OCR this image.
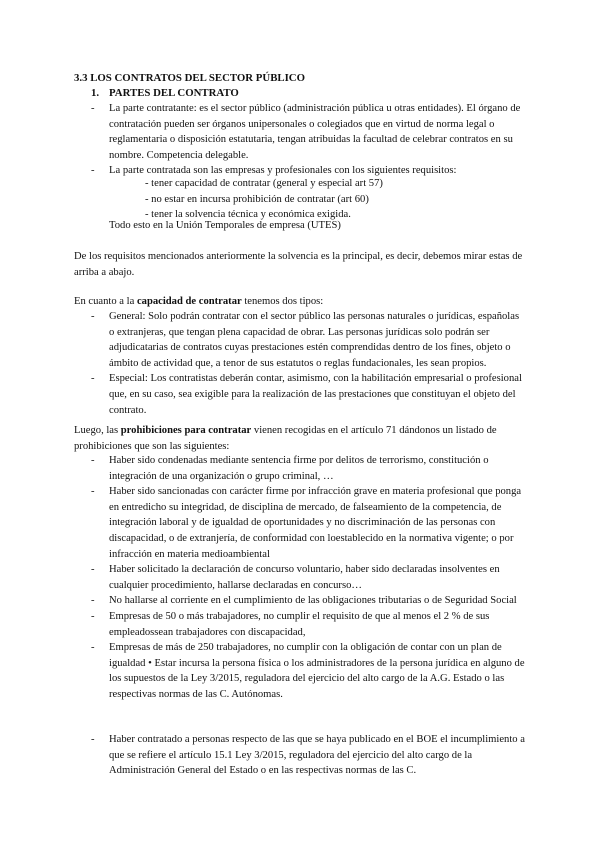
3.3 LOS CONTRATOS DEL SECTOR PÚBLICO
1. PARTES DEL CONTRATO
- La parte contratante: es el sector público (administración pública u otras entidades). El órgano de contratación pueden ser órganos unipersonales o colegiados que en virtud de norma legal o reglamentaria o disposición estatutaria, tengan atribuidas la facultad de celebrar contratos en su nombre. Competencia delegable.
- La parte contratada son las empresas y profesionales con los siguientes requisitos:
- tener capacidad de contratar (general y especial art 57)
- no estar en incursa prohibición de contratar (art 60)
- tener la solvencia técnica y económica exigida.
Todo esto en la Unión Temporales de empresa (UTES)

De los requisitos mencionados anteriormente la solvencia es la principal, es decir, debemos mirar estas de arriba a abajo.

En cuanto a la capacidad de contratar tenemos dos tipos:

- General: Solo podrán contratar con el sector público las personas naturales o jurídicas, españolas o extranjeras, que tengan plena capacidad de obrar. Las personas jurídicas solo podrán ser adjudicatarias de contratos cuyas prestaciones estén comprendidas dentro de los fines, objeto o ámbito de actividad que, a tenor de sus estatutos o reglas fundacionales, les sean propios.
- Especial: Los contratistas deberán contar, asimismo, con la habilitación empresarial o profesional que, en su caso, sea exigible para la realización de las prestaciones que constituyan el objeto del contrato.

Luego, las prohibiciones para contratar vienen recogidas en el artículo 71 dándonos un listado de prohibiciones que son las siguientes:

- Haber sido condenadas mediante sentencia firme por delitos de terrorismo, constitución o integración de una organización o grupo criminal, …
- Haber sido sancionadas con carácter firme por infracción grave en materia profesional que ponga en entredicho su integridad, de disciplina de mercado, de falseamiento de la competencia, de integración laboral y de igualdad de oportunidades y no discriminación de las personas con discapacidad, o de extranjería, de conformidad con loestablecido en la normativa vigente; o por infracción en materia medioambiental
- Haber solicitado la declaración de concurso voluntario, haber sido declaradas insolventes en cualquier procedimiento, hallarse declaradas en concurso…
- No hallarse al corriente en el cumplimiento de las obligaciones tributarias o de Seguridad Social
- Empresas de 50 o más trabajadores, no cumplir el requisito de que al menos el 2 % de sus empleadossean trabajadores con discapacidad,
- Empresas de más de 250 trabajadores, no cumplir con la obligación de contar con un plan de igualdad • Estar incursa la persona física o los administradores de la persona jurídica en alguno de los supuestos de la Ley 3/2015, reguladora del ejercicio del alto cargo de la A.G. Estado o las respectivas normas de las C. Autónomas.
- Haber contratado a personas respecto de las que se haya publicado en el BOE el incumplimiento a que se refiere el artículo 15.1 Ley 3/2015, reguladora del ejercicio del alto cargo de la Administración General del Estado o en las respectivas normas de las C.
